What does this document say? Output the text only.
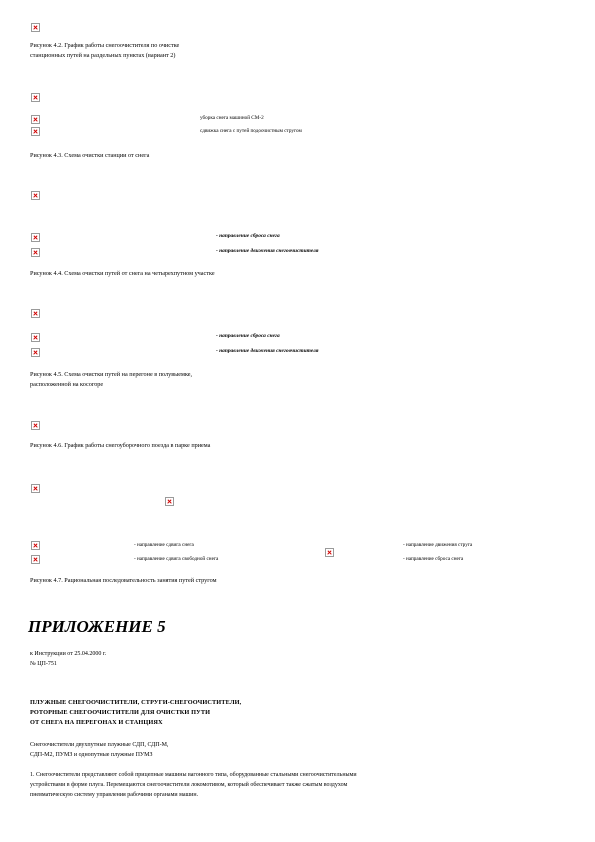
Рисунок 4.2. График работы снегоочистителя по очистке
станционных путей на раздельных пунктах (вариант 2)
уборка снега машиной СМ-2
сдвижка снега с путей подоочистным стругом
Рисунок 4.3. Схема очистки станции от снега
- направление сброса снега
- направление движения снегоочистителя
Рисунок 4.4. Схема очистки путей от снега на четырехпутном участке
- направление сброса снега
- направление движения снегоочистителя
Рисунок 4.5. Схема очистки путей на перегоне в полувыемке,
расположенной на косогоре
Рисунок 4.6. График работы снегоуборочного поезда в парке приема
- направление сдвига снега
- направление сдвига свободной снега
- направление движения струга
- направление сброса снега
Рисунок 4.7. Рациональная последовательность занятия путей стругом
ПРИЛОЖЕНИЕ 5
к Инструкции от 25.04.2000 г.
№ ЦП-751
ПЛУЖНЫЕ СНЕГООЧИСТИТЕЛИ, СТРУГИ-СНЕГООЧИСТИТЕЛИ,
РОТОРНЫЕ СНЕГООЧИСТИТЕЛИ ДЛЯ ОЧИСТКИ ПУТИ
ОТ СНЕГА НА ПЕРЕГОНАХ И СТАНЦИЯХ
Снегоочистители двухпутные плужные СДП, СДП-М,
СДП-М2, ПУМЗ и однопутные плужные ПУМЗ
1. Снегоочистители представляют собой прицепные машины вагонного типа, оборудованные стальными снегоочистительными
устройствами в форме плуга. Перемещаются снегоочистители локомотивом, который обеспечивает также сжатым воздухом
пневматическую систему управления рабочими органами машин.
